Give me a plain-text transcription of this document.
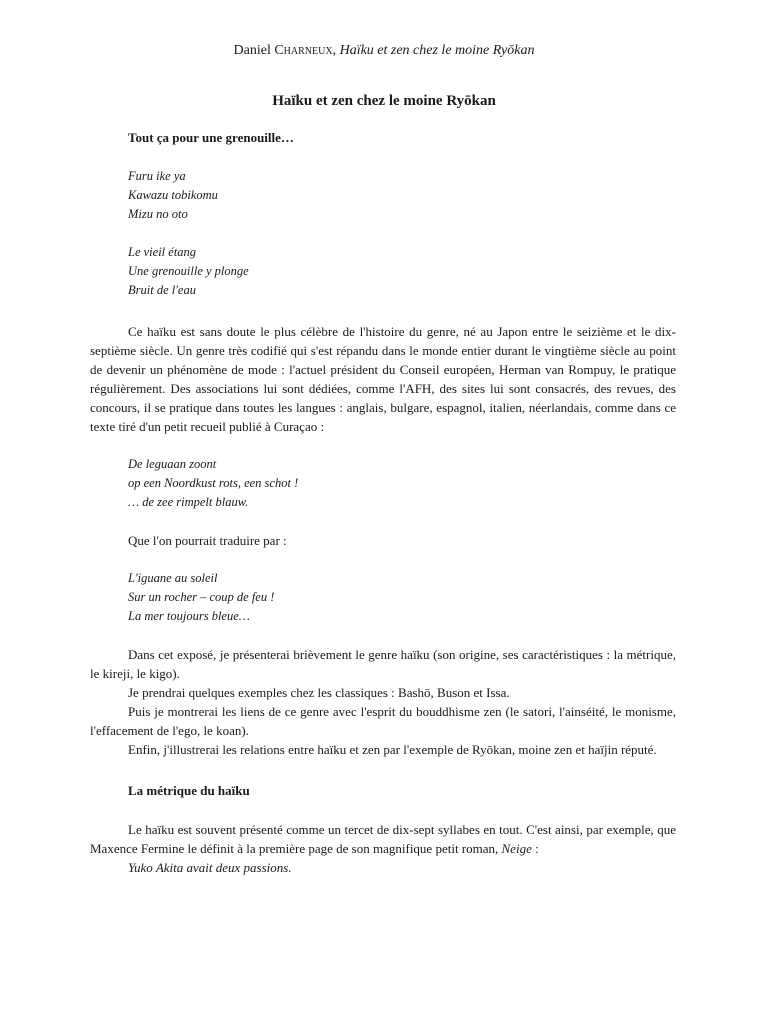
Daniel Charneux, Haïku et zen chez le moine Ryōkan
Haïku et zen chez le moine Ryōkan
Tout ça pour une grenouille…
Furu ike ya
Kawazu tobikomu
Mizu no oto
Le vieil étang
Une grenouille y plonge
Bruit de l'eau

Ce haïku est sans doute le plus célèbre de l'histoire du genre, né au Japon entre le seizième et le dix-septième siècle. Un genre très codifié qui s'est répandu dans le monde entier durant le vingtième siècle au point de devenir un phénomène de mode : l'actuel président du Conseil européen, Herman van Rompuy, le pratique régulièrement. Des associations lui sont dédiées, comme l'AFH, des sites lui sont consacrés, des revues, des concours, il se pratique dans toutes les langues : anglais, bulgare, espagnol, italien, néerlandais, comme dans ce texte tiré d'un petit recueil publié à Curaçao :

De leguaan zoont
op een Noordkust rots, een schot !
… de zee rimpelt blauw.

Que l'on pourrait traduire par :

L'iguane au soleil
Sur un rocher – coup de feu !
La mer toujours bleue…

Dans cet exposé, je présenterai brièvement le genre haïku (son origine, ses caractéristiques : la métrique, le kireji, le kigo).

Je prendrai quelques exemples chez les classiques : Bashō, Buson et Issa.

Puis je montrerai les liens de ce genre avec l'esprit du bouddhisme zen (le satori, l'ainséité, le monisme, l'effacement de l'ego, le koan).

Enfin, j'illustrerai les relations entre haïku et zen par l'exemple de Ryōkan, moine zen et haïjin réputé.

La métrique du haïku

Le haïku est souvent présenté comme un tercet de dix-sept syllabes en tout. C'est ainsi, par exemple, que Maxence Fermine le définit à la première page de son magnifique petit roman, Neige :

Yuko Akita avait deux passions.
